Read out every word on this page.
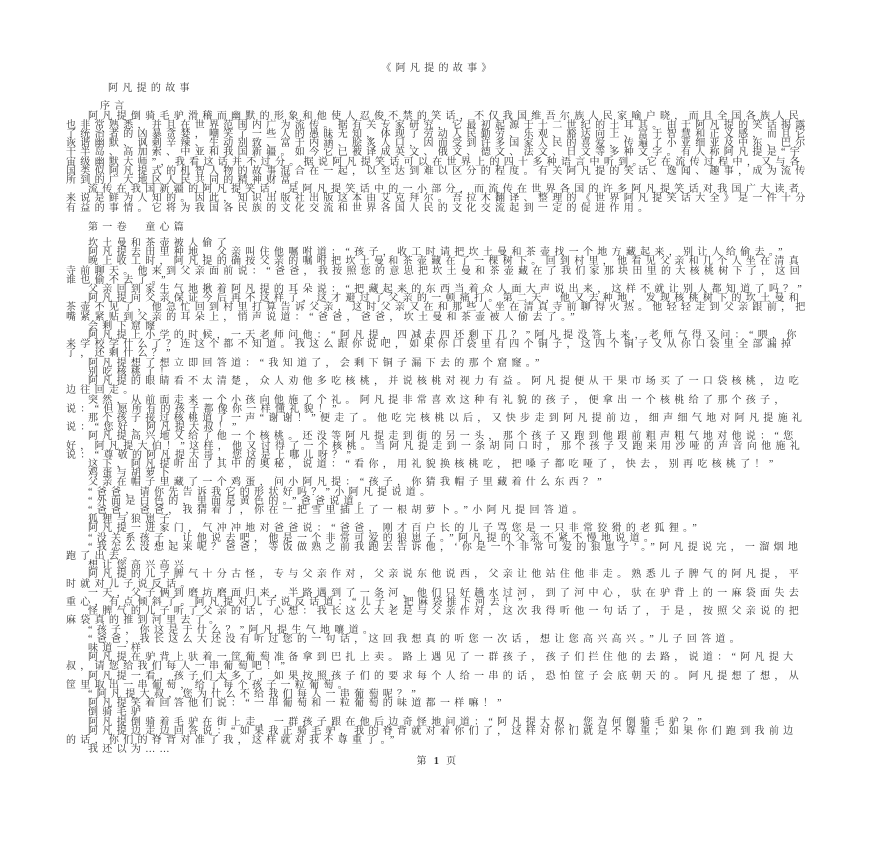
《阿凡提的故事》

阿凡提的故事

序言

阿凡提倒骑毛驴滑稽而幽默的形象和他使人忍俊不禁的笑话，不仅我国维吾尔族人民家喻户晓，而且全国各族人民也非常熟悉，并且在世界范围内广为流传。据有关专家研究，它最初起源于十二世纪的土耳其。由于阿凡提的笑话揭露了统治者的凶暴贪婪，嘲笑了一些人的愚昧无知，体现了劳动人民勤劳、乐观、豁达向上、富于智慧和正义感，而且它诙谐幽默、讽刺辛辣、生动别致、富于内涵、脍炙人口，因而受到许多国家人民的喜爱，传遍了小亚细亚及中东、巴尔干半岛、高加索、中亚和我国新疆。如今它已被译成英文、俄文、德文、法文、日文等多种文字。有人称阿凡提是“宇宙级幽默大师”，我看这话并不过分。据说阿凡提笑话可以在世界上的四十多种语言中听到。它在流传过程中，又与各国类似阿凡提式的机智人物的故事混合在一起，以至达到难以区分的程度。有关阿凡提的笑话、逸闻、趣事，成为流传所到的广大地区人民共同的精神财富。

流传在我国新疆的阿凡提笑话，是阿凡提笑话中的一小部分，而流传在世界各国的许多阿凡提笑话对我国广大读者来说是鲜为人知的。因此，知识出版社出版这本由艾克拜尔。吾拉木翻译、整理的《世界阿凡提笑话大全》是一件十分有益的事情。它将为我国各民族的文化交流和世界各国人民的文化交流起到一定的促进作用。

第一卷　童心篇

坎土曼和茶壶被人偷了

阿凡提去田里种地，父亲叫住他嘱咐道：“孩子，收工时请把坎土曼和茶壶找一个地方藏起来，别让人给偷去。”

晚上收工时，阿凡提的确按父亲的嘱咐把坎土曼和茶壶藏在了一棵树下。回到村里，他看见父亲和几个人坐在清真寺前聊天。他来到父亲面前说：“爸爸，我按照您的意思把坎土曼和茶壶藏在了我们家那块田里的大核桃树下了，这回谁也偷不去了。”

父亲回到家生气地揪着阿凡提的耳朵说：“把藏起来的东西当着众人面大声说出来，这样不就让别人都知道了吗？”

阿凡提向父亲保证今后再不这样了，这才避过了父亲的一顿痛打。第二天，他又去种地，发现核桃树下的坎土曼和茶壶不见了，他急忙回到村里打算告诉父亲，这时父亲又在和那些人坐在清真寺前聊得火热。他轻轻走到父亲跟前，把嘴紧紧贴到父亲的耳朵上，悄声说道：“爸爸，爸爸，坎土曼和茶壶被人偷去了。”

会剩下窟窿

阿凡提上小学的时候，一天老师问他：“阿凡提，四减去四还剩下几？”阿凡提没答上来，老师气得又问：“喂，你来学校学什么了？连这个都不知道。我这么跟你说吧，如果你口袋里有四个铜子，这四个铜子又从你口袋里全部漏掉了，还剩什么？”

阿凡提想了想立即回答道：“我知道了，会剩下铜子漏下去的那个窟窿。”

别吃核桃了！

阿凡提的眼睛看不太清楚，众人劝他多吃核桃，并说核桃对视力有益。阿凡提便从干果市场买了一口袋核桃，边吃边往回走。

突然，从前面走来一个小孩向他施了个礼。阿凡提非常喜欢这种有礼貌的孩子，便拿出一个核桃给了那个孩子，说：“但愿所有的孩子都像你一样懂礼貌！”

那个孩子接过核桃道了一声“谢谢！”便走了。他吃完核桃以后，又快步走到阿凡提前边，细声细气地对阿凡提施礼说：“您好，阿凡提大叔！”

阿凡提高兴地又给了他一个核桃。还没等阿凡提走到街的另一头，那个孩子又跑到他跟前粗声粗气地对他说：“您好，阿凡提大伯！”这样，他又讨得了一个核桃。当阿凡提走到一条胡同口时，那个孩子又跑来用沙哑的声音向他施礼说：“尊敬的阿凡提大哥，您这是上哪儿呀？”

这下，阿凡提听出了其中的奥秘，说道：“看你，用礼貌换核桃吃，把嗓子都吃哑了，快去，别再吃核桃了！”

鸡蛋与胡萝卜

父亲在帽子里藏了一个鸡蛋，问小阿凡提：“孩子，你猜我帽子里藏着什么东西？”

“爸爸，请你先告诉我它的形状好吗？”小阿凡提说道。

“外面是白色的，里面是黄色的。”爸爸说道。

“爸爸，爸爸，我猜着了，你在一把雪里插上了一根胡萝卜。”小阿凡提回答道。

狐狸与狼崽子

阿凡提一进家门，气冲冲地对爸爸说：“爸爸，刚才百户长的儿子骂您是一只非常狡猾的老狐狸。”

“没关系孩子，让他说去吧，他是一个非常可爱的狼崽子。”阿凡提的父亲不紧不慢地说道。

“我怎么没想起来呢？爸爸，等饭做熟之前我跑去告诉他，‘你是一个非常可爱的狼崽子’。”阿凡提说完，一溜烟地跑了出去。

想让您高兴高兴

阿凡提的儿子脾气十分古怪，专与父亲作对，父亲说东他说西，父亲让他站住他非走。熟悉儿子脾气的阿凡提，平时就对儿子说反话。

一天，父子俩到磨坊磨面归来，半路遇到了一条河，他们只好趟水过河，到了河中心，驮在驴背上的一麻袋面失去重心，有点倾斜了。阿凡提对儿子说反话道：“儿子，把麻袋推下河去！”

怪脾气的儿子听了父亲的话，心想：我长这么大老是与父亲作对，这次我得听他一句话了，于是，按照父亲说的把麻袋真的推到河里去了。

“孩子，你这是干什么？”阿凡提生气地嚷道。

“爸爸，我长这么大还没有听过您的一句话，这回我想真的听您一次话，想让您高兴高兴。”儿子回答道。

味道一样

阿凡提在驴背上驮着一筐葡萄准备拿到巴扎上卖。路上遇见了一群孩子，孩子们拦住他的去路，说道：“阿凡提大叔，请您给我们每人一串葡萄吧！”

阿凡提一看，孩子们太多了，如果按照孩子们的要求每个人给一串的话，恐怕筐子会底朝天的。阿凡提想了想，从筐里取出一串葡萄，给了每个孩子一粒葡萄。

“阿凡提大叔，您为什么不给我们每人一串葡萄呢？”

阿凡提笑着回答他们说：“一串葡萄和一粒葡萄的味道都一样嘛！”

倒骑毛驴

阿凡提倒骑着毛驴在街上走，一群孩子跟在他后边奇怪地问道：“阿凡提大叔，您为何倒骑毛驴？”

阿凡提边走边回答说：“如果我正骑毛驴，我的脊背就对着你们了，这样对你们就是不尊重；如果你们跑到我前边的话，你们的脊背对准了我，这样就对我不尊重了。”

我还以为……

第 1 页
